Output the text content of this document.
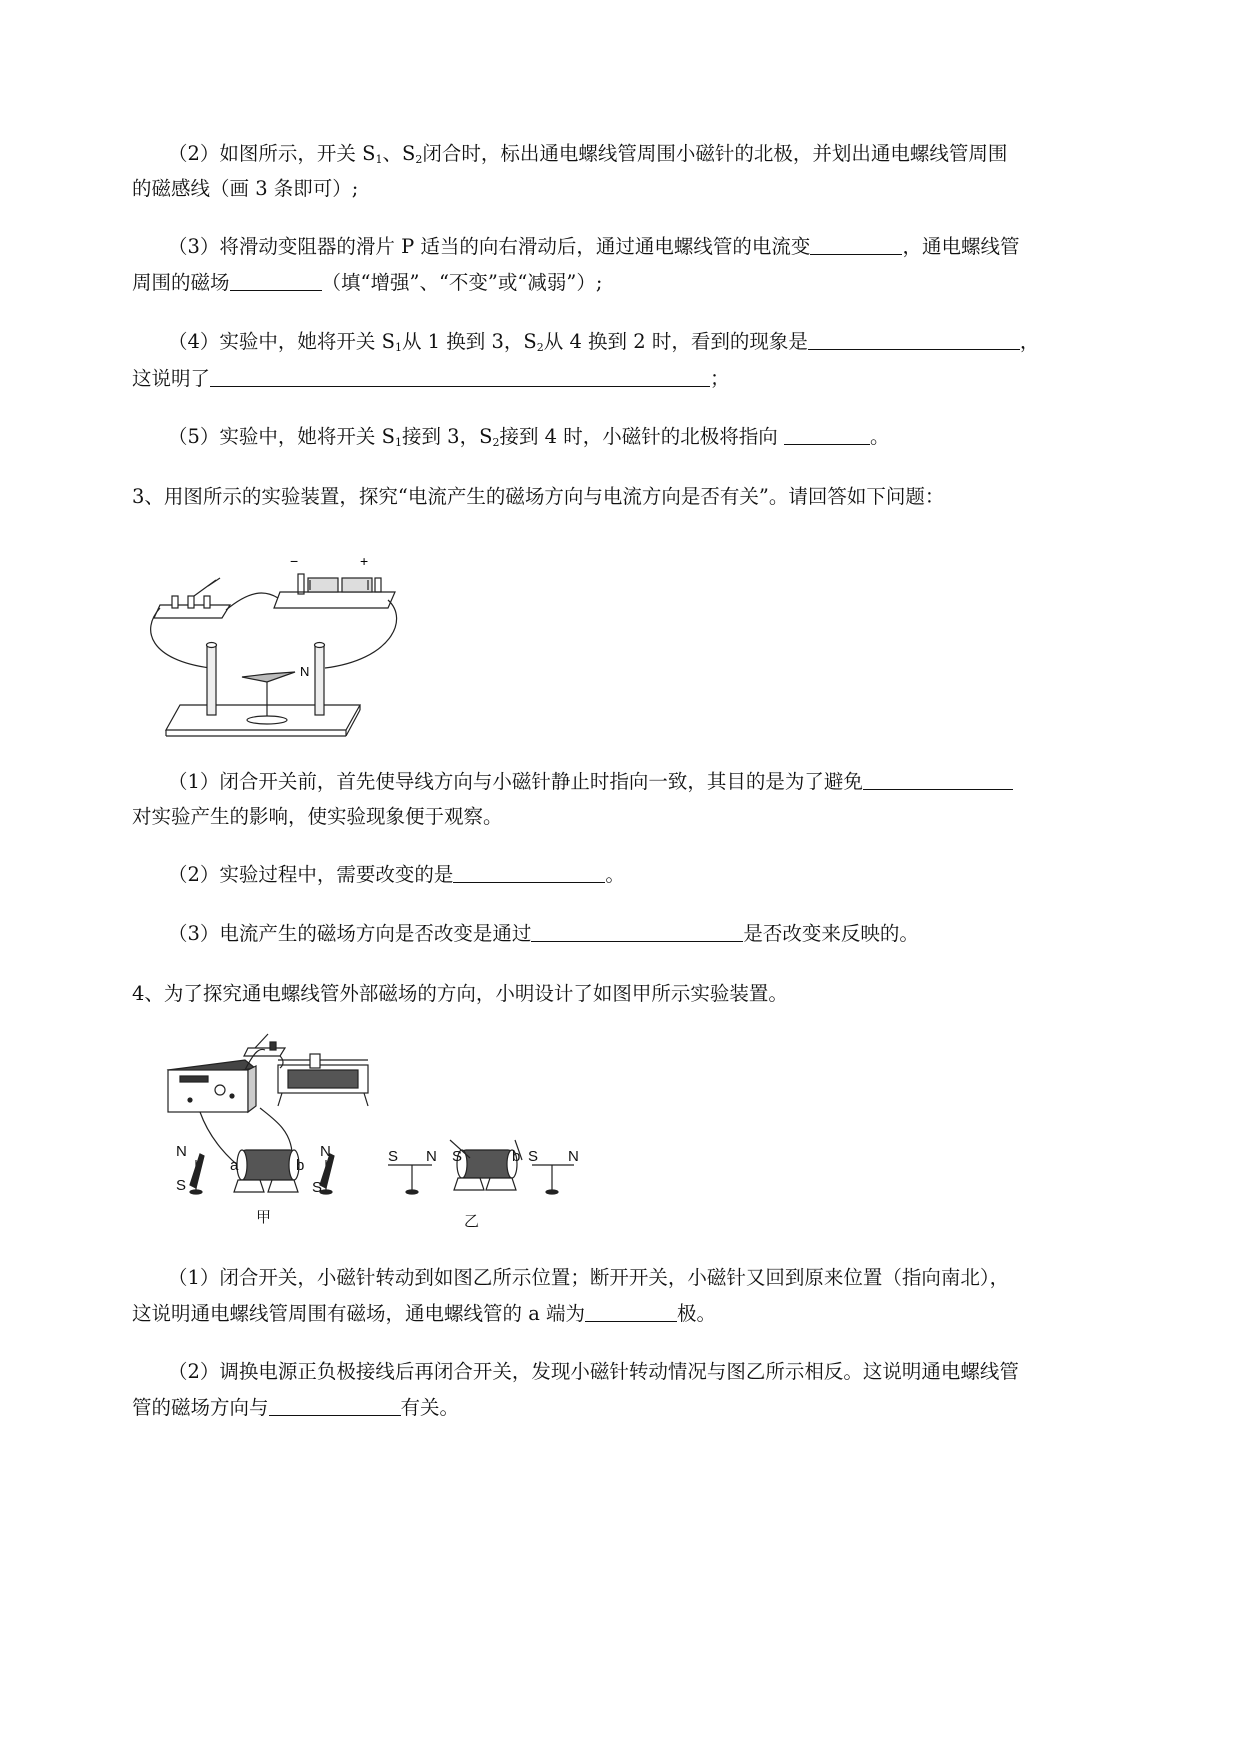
（2）如图所示，开关 $S_1$、$S_2$闭合时，标出通电螺线管周围小磁针的北极，并划出通电螺线管周围
的磁感线（画 3 条即可）;
（3）将滑动变阻器的滑片 P 适当的向右滑动后，通过通电螺线管的电流变	，通电螺线管
周围的磁场	（填“增强”、“不变”或“减弱”）;
（4）实验中，她将开关 $S_1$从 1 换到 3，$S_2$从 4 换到 2 时，看到的现象是	，
这说明了	；
（5）实验中，她将开关 $S_1$接到 3，$S_2$接到 4 时，小磁针的北极将指向	。
3、用图所示的实验装置，探究“电流产生的磁场方向与电流方向是否有关”。请回答如下问题：
−	+
N
（1）闭合开关前，首先使导线方向与小磁针静止时指向一致，其目的是为了避免
对实验产生的影响，使实验现象便于观察。
（2）实验过程中，需要改变的是	。
（3）电流产生的磁场方向是否改变是通过	是否改变来反映的。
4、为了探究通电螺线管外部磁场的方向，小明设计了如图甲所示实验装置。
N
S
a	b
N
S
S N S	b S N
甲	乙
（1）闭合开关，小磁针转动到如图乙所示位置；断开开关，小磁针又回到原来位置（指向南北），
这说明通电螺线管周围有磁场，通电螺线管的 a 端为	极。
（2）调换电源正负极接线后再闭合开关，发现小磁针转动情况与图乙所示相反。这说明通电螺线管
管的磁场方向与	有关。
